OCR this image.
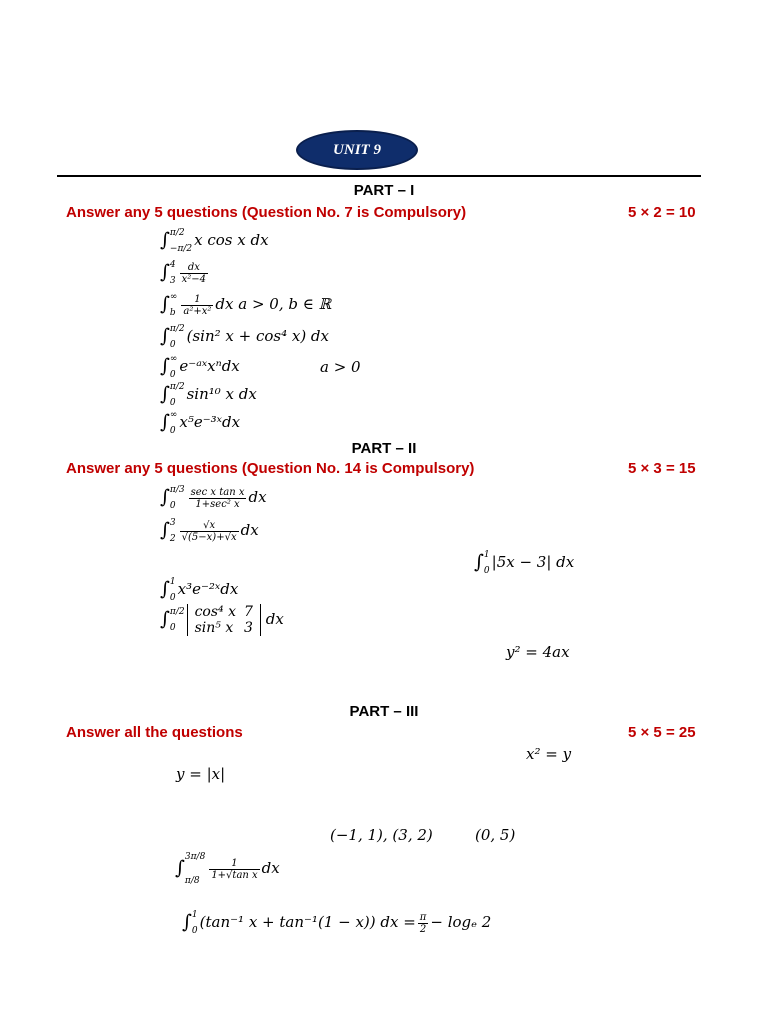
UNIT 9
PART – I
Answer any 5 questions (Question No. 7 is Compulsory)	5 × 2 = 10
∫ π/2
−π/2 x cos x dx
∫ 4
$3 \frac{dx}{\text{x²−4}}$
∫ ∞
b $\frac{1}{\text{a²+x²}}$ dx a > 0, b ∈ ℝ
∫ π/2
0 (sin² x + cos⁴ x) dx
∫ ∞
0 e⁻ᵃˣxⁿdx	a > 0
∫ π/2
0 sin¹⁰ x dx
∫ ∞
0 x⁵e⁻³ˣdx
PART – II
Answer any 5 questions (Question No. 14 is Compulsory)	5 × 3 = 15
∫ π/3
0	$\frac{\text{sec x tan x}}{\text{1+sec² x}}$ dx
∫ 3
$2 \frac{√x}{√(5-x)+√x}$ dx
∫ 1
0 |5x − 3| dx
∫ 1
0 x³e⁻²ˣdx
∫ π/2
0
cos⁴ x	7
sin⁵ x	3 dx
y² = 4ax
PART – III
Answer all the questions	5 × 5 = 25
x² = y
y = |x|
(−1, 1), (3, 2)	(0, 5)
∫ 3π/8
π/8
$\frac{1}{\text{1+√tan x}}$ dx
∫ 1
0 (tan⁻¹ x + tan⁻¹(1 − x)) dx = $\frac{\pi}{2} - \log_e$ 2
